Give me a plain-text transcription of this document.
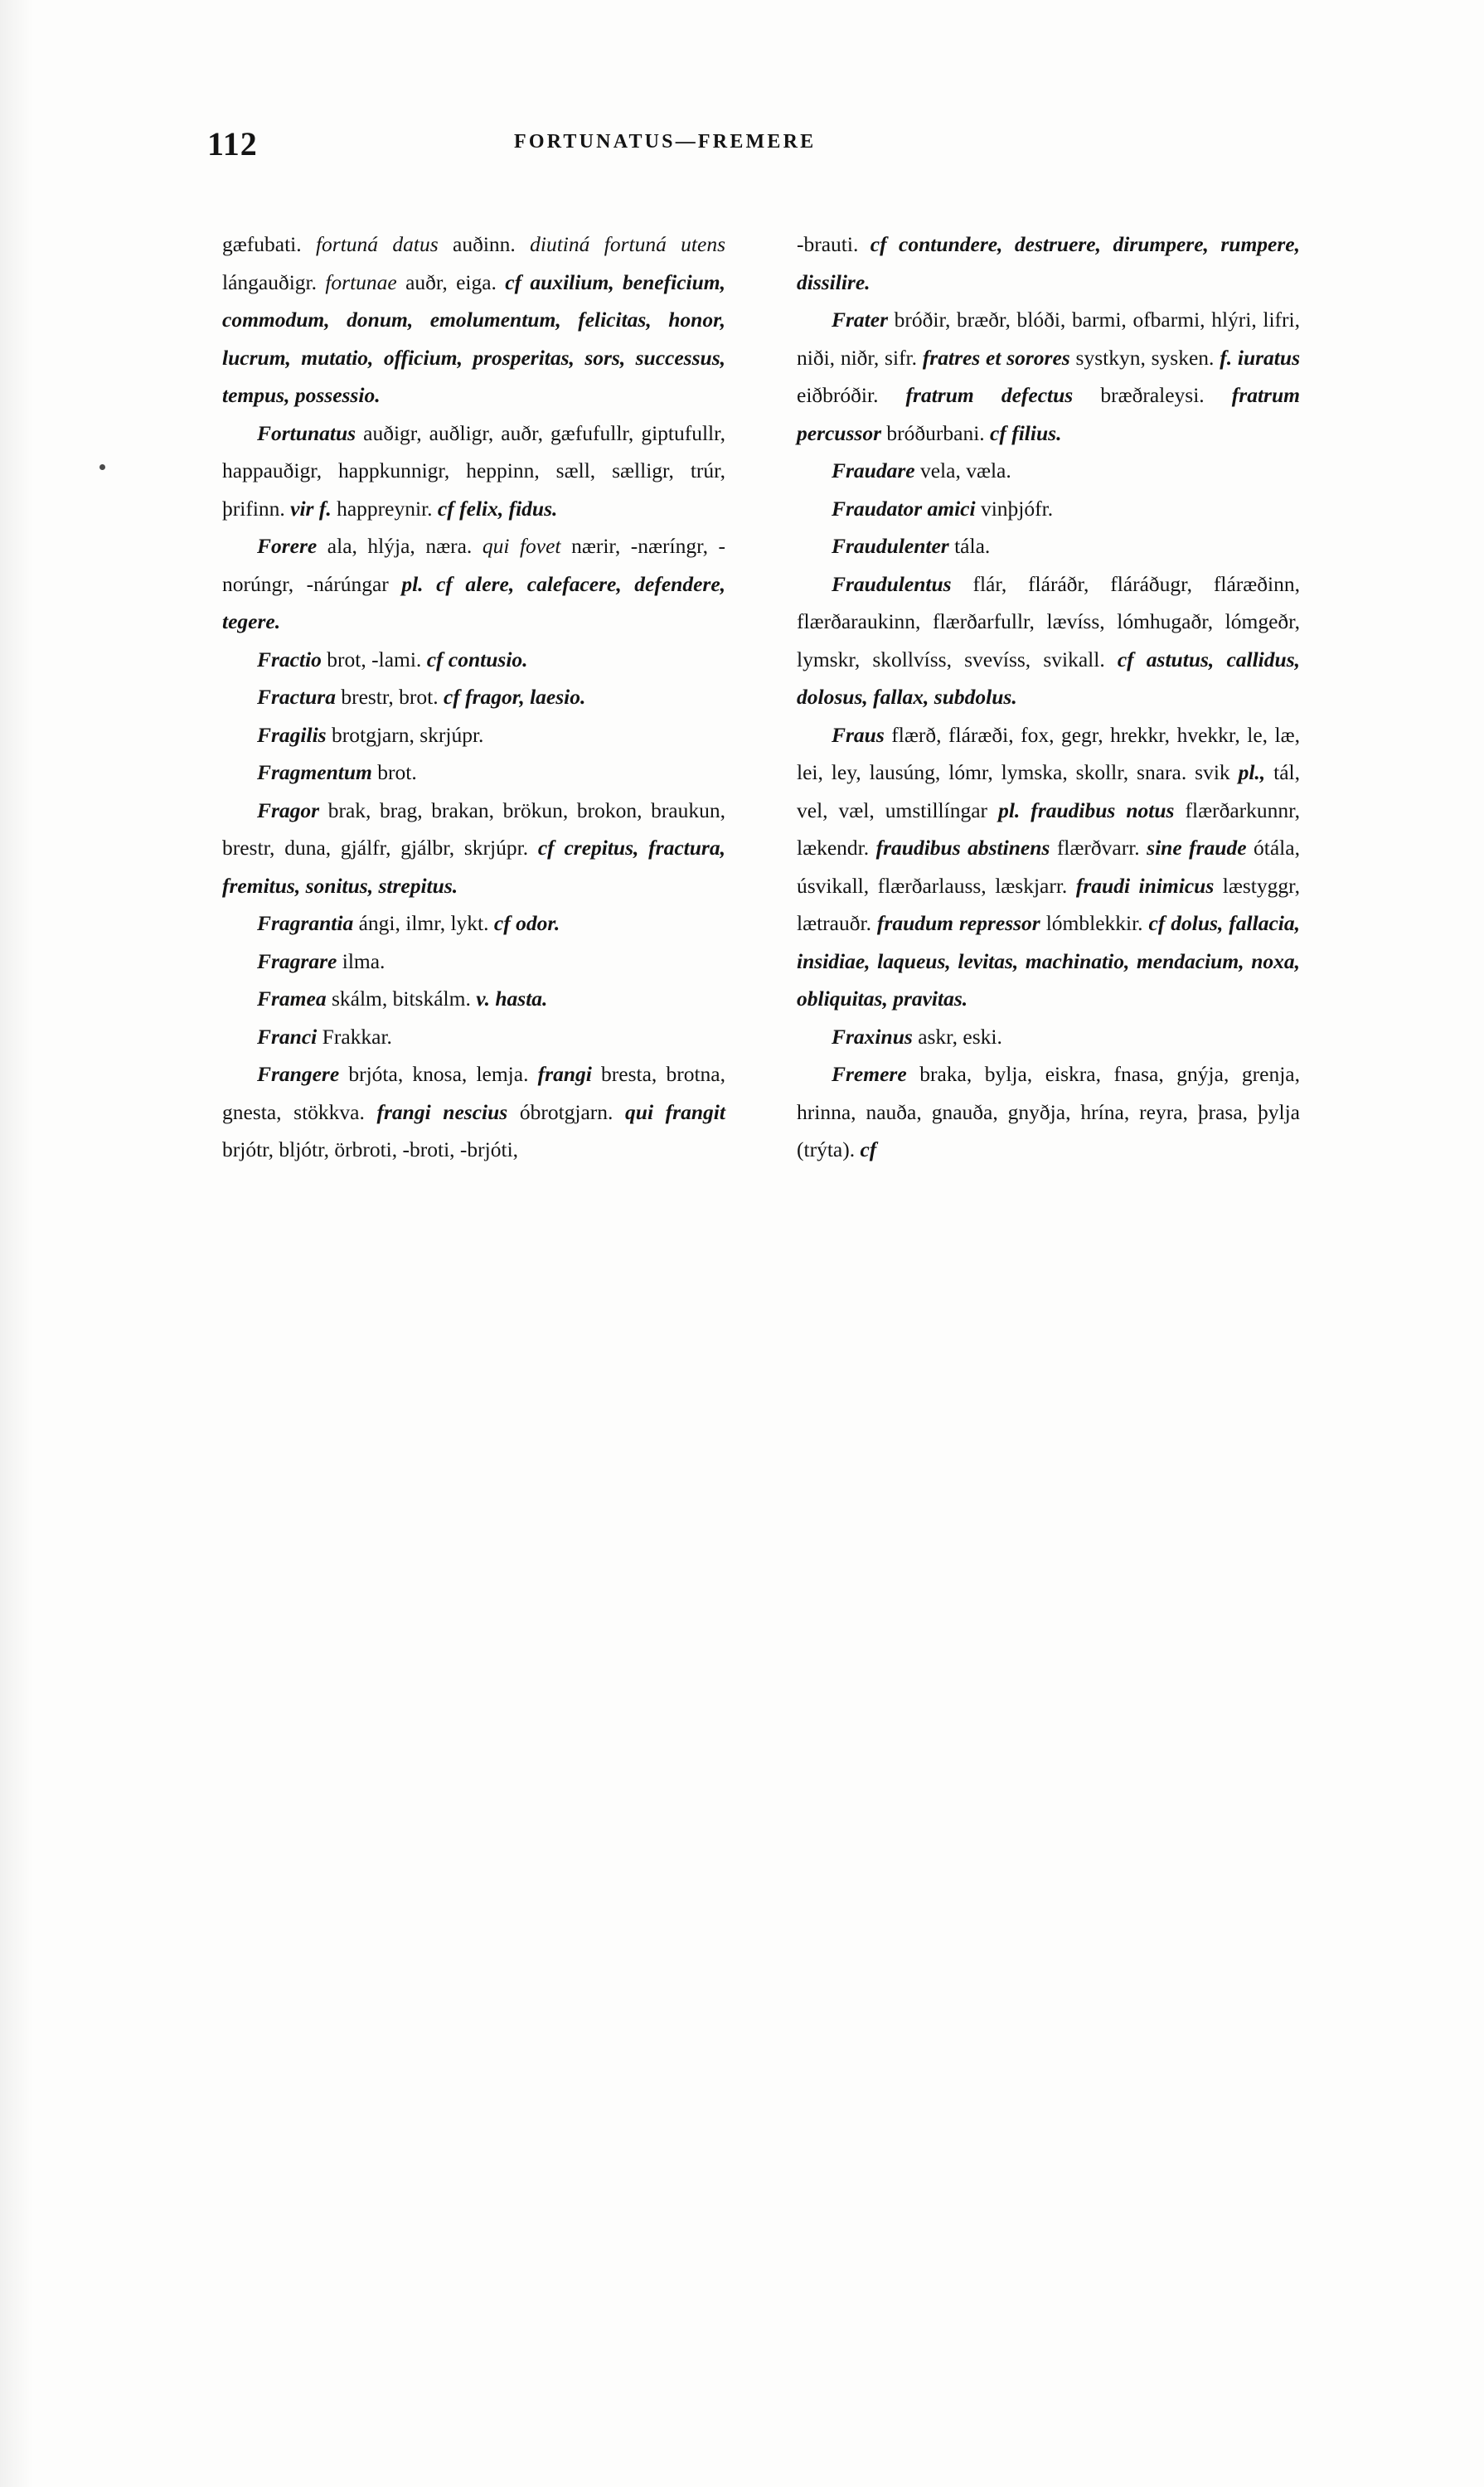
112	FORTUNATUS—FREMERE

gæfubati. fortuná datus auðinn. diutiná fortuná utens lángauðigr. fortunae auðr, eiga. cf auxilium, beneficium, commodum, donum, emolumentum, felicitas, honor, lucrum, mutatio, officium, prosperitas, sors, successus, tempus, possessio.

Fortunatus auðigr, auðligr, auðr, gæfufullr, giptufullr, happauðigr, happkunnigr, heppinn, sæll, sælligr, trúr, þrifinn. vir f. happreynir. cf felix, fidus.

Forere ala, hlýja, næra. qui fovet nærir, -næríngr, -norúngr, -nárúngar pl. cf alere, calefacere, defendere, tegere.

Fractio brot, -lami. cf contusio.

Fractura brestr, brot. cf fragor, laesio.

Fragilis brotgjarn, skrjúpr.

Fragmentum brot.

Fragor brak, brag, brakan, brökun, brokon, braukun, brestr, duna, gjálfr, gjálbr, skrjúpr. cf crepitus, fractura, fremitus, sonitus, strepitus.

Fragrantia ángi, ilmr, lykt. cf odor.

Fragrare ilma.

Framea skálm, bitskálm. v. hasta.

Franci Frakkar.

Frangere brjóta, knosa, lemja. frangi bresta, brotna, gnesta, stökkva. frangi nescius óbrotgjarn. qui frangit brjótr, bljótr, örbroti, -broti, -brjóti,

-brauti. cf contundere, destruere, dirumpere, rumpere, dissilire.

Frater bróðir, bræðr, blóði, barmi, ofbarmi, hlýri, lifri, niði, niðr, sifr. fratres et sorores systkyn, sysken. f. iuratus eiðbróðir. fratrum defectus bræðraleysi. fratrum percussor bróðurbani. cf filius.

Fraudare vela, væla.

Fraudator amici vinþjófr.

Fraudulenter tála.

Fraudulentus flár, fláráðr, fláráðugr, fláræðinn, flærðaraukinn, flærðarfullr, lævíss, lómhugaðr, lómgeðr, lymskr, skollvíss, svevíss, svikall. cf astutus, callidus, dolosus, fallax, subdolus.

Fraus flærð, fláræði, fox, gegr, hrekkr, hvekkr, le, læ, lei, ley, lausúng, lómr, lymska, skollr, snara. svik pl., tál, vel, væl, umstillíngar pl. fraudibus notus flærðarkunnr, lækendr. fraudibus abstinens flærðvarr. sine fraude ótála, úsvikall, flærðarlauss, læskjarr. fraudi inimicus læstyggr, lætrauðr. fraudum repressor lómblekkir. cf dolus, fallacia, insidiae, laqueus, levitas, machinatio, mendacium, noxa, obliquitas, pravitas.

Fraxinus askr, eski.

Fremere braka, bylja, eiskra, fnasa, gnýja, grenja, hrinna, nauða, gnauða, gnyðja, hrína, reyra, þrasa, þylja (trýta). cf
